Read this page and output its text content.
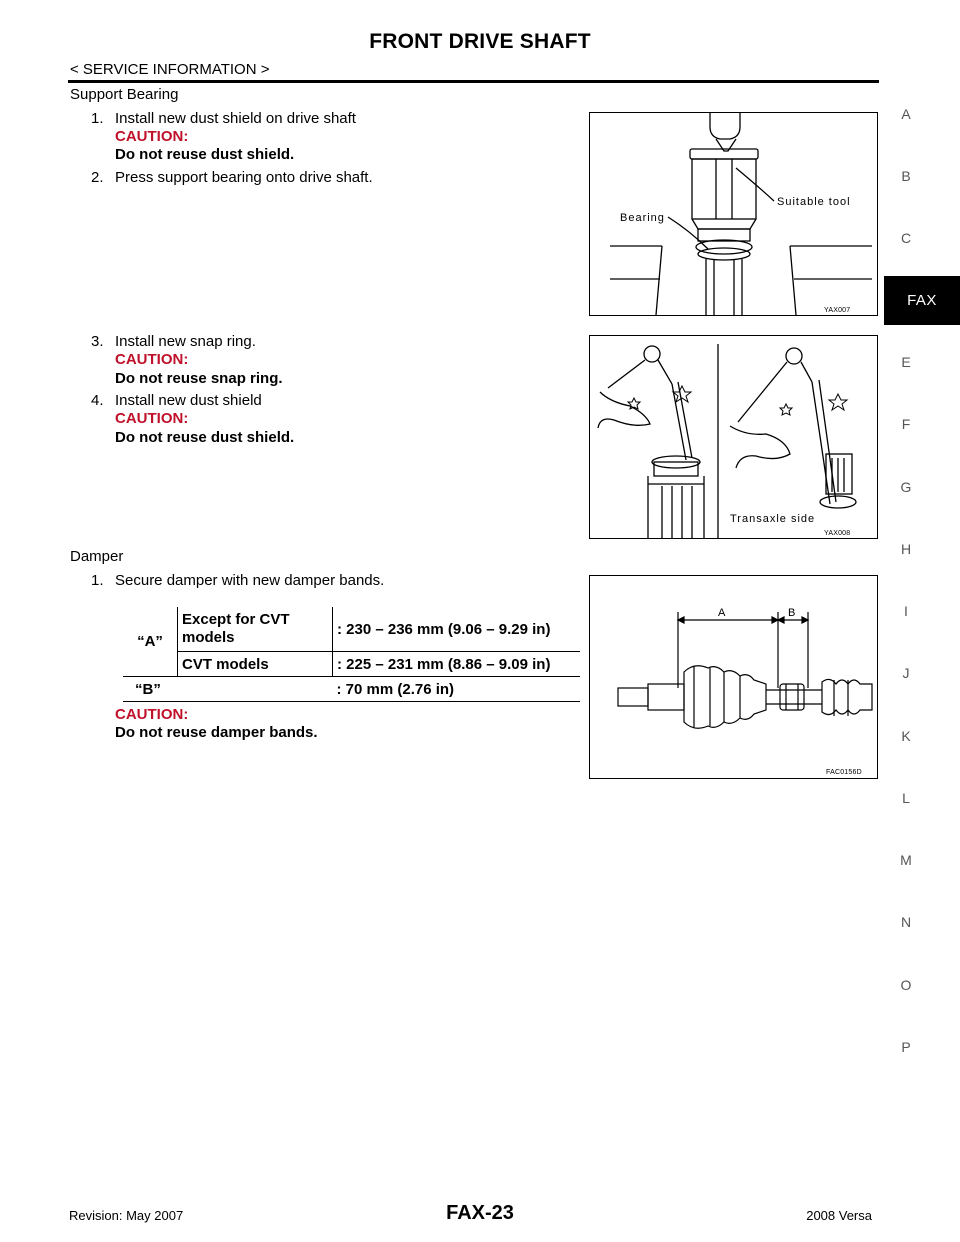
FRONT DRIVE SHAFT
< SERVICE INFORMATION >
Support Bearing
1. Install new dust shield on drive shaft
CAUTION:
Do not reuse dust shield.
2. Press support bearing onto drive shaft.
3. Install new snap ring.
CAUTION:
Do not reuse snap ring.
4. Install new dust shield
CAUTION:
Do not reuse dust shield.
Damper
1. Secure damper with new damper bands.
“A”	Except for CVT models	: 230 – 236 mm (9.06 – 9.29 in)
	CVT models	: 225 – 231 mm (8.86 – 9.09 in)
“B”		: 70 mm (2.76 in)
CAUTION:
Do not reuse damper bands.
Suitable tool
Bearing
YAX007
Transaxle side
YAX008
A	B
FAC0156D
A
B
C
FAX
E
F
G
H
I
J
K
L
M
N
O
P
Revision: May 2007	FAX-23	2008 Versa
